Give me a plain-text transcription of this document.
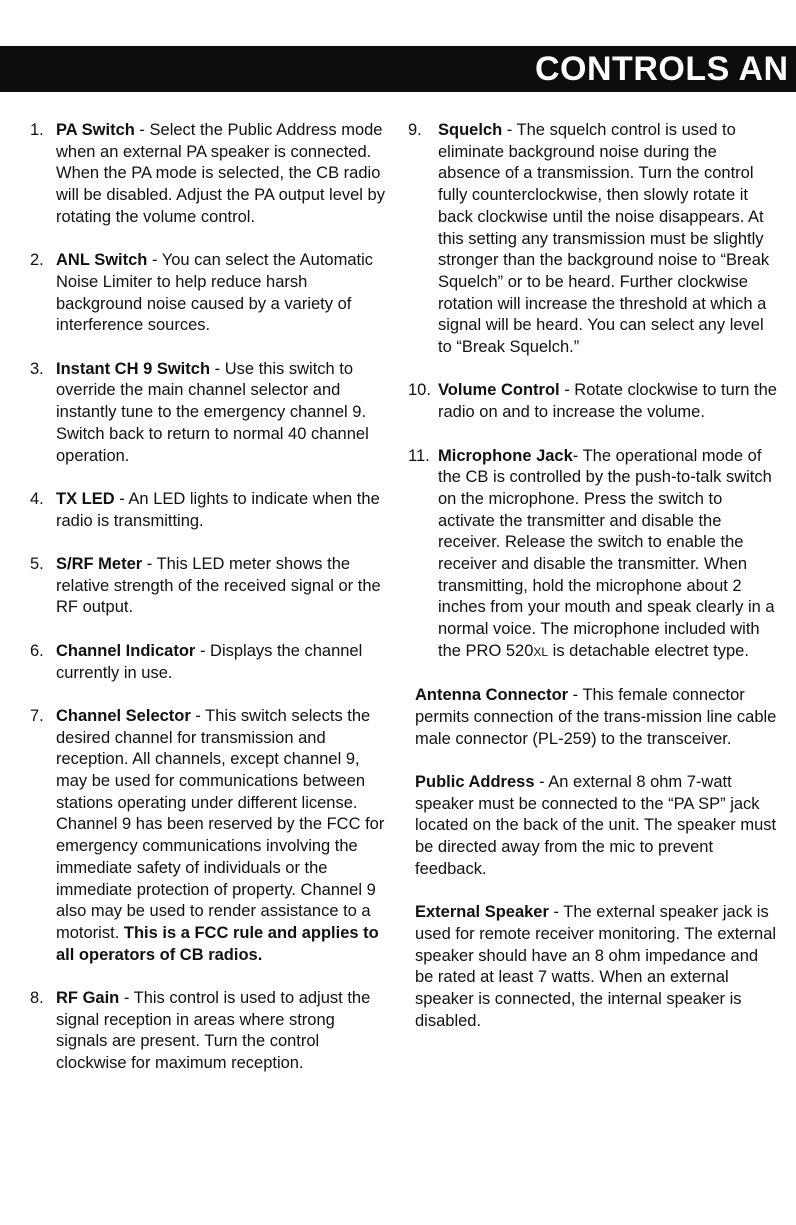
CONTROLS AN
1. PA Switch - Select the Public Address mode when an external PA speaker is connected. When the PA mode is selected, the CB radio will be disabled. Adjust the PA output level by rotating the volume control.
2. ANL Switch - You can select the Automatic Noise Limiter to help reduce harsh background noise caused by a variety of interference sources.
3. Instant CH 9 Switch - Use this switch to override the main channel selector and instantly tune to the emergency channel 9. Switch back to return to normal 40 channel operation.
4. TX LED - An LED lights to indicate when the radio is transmitting.
5. S/RF Meter - This LED meter shows the relative strength of the received signal or the RF output.
6. Channel Indicator - Displays the channel currently in use.
7. Channel Selector - This switch selects the desired channel for transmission and reception. All channels, except channel 9, may be used for communications between stations operating under different license. Channel 9 has been reserved by the FCC for emergency communications involving the immediate safety of individuals or the immediate protection of property. Channel 9 also may be used to render assistance to a motorist. This is a FCC rule and applies to all operators of CB radios.
8. RF Gain - This control is used to adjust the signal reception in areas where strong signals are present. Turn the control clockwise for maximum reception.
9. Squelch - The squelch control is used to eliminate background noise during the absence of a transmission. Turn the control fully counterclockwise, then slowly rotate it back clockwise until the noise disappears. At this setting any transmission must be slightly stronger than the background noise to “Break Squelch” or to be heard. Further clockwise rotation will increase the threshold at which a signal will be heard. You can select any level to “Break Squelch.”
10. Volume Control - Rotate clockwise to turn the radio on and to increase the volume.
11. Microphone Jack- The operational mode of the CB is controlled by the push-to-talk switch on the microphone. Press the switch to activate the transmitter and disable the receiver. Release the switch to enable the receiver and disable the transmitter. When transmitting, hold the microphone about 2 inches from your mouth and speak clearly in a normal voice. The microphone included with the PRO 520XL is detachable electret type.
Antenna Connector - This female connector permits connection of the trans-mission line cable male connector (PL-259) to the transceiver.
Public Address - An external 8 ohm 7-watt speaker must be connected to the “PA SP” jack located on the back of the unit. The speaker must be directed away from the mic to prevent feedback.
External Speaker - The external speaker jack is used for remote receiver monitoring. The external speaker should have an 8 ohm impedance and be rated at least 7 watts. When an external speaker is connected, the internal speaker is disabled.
